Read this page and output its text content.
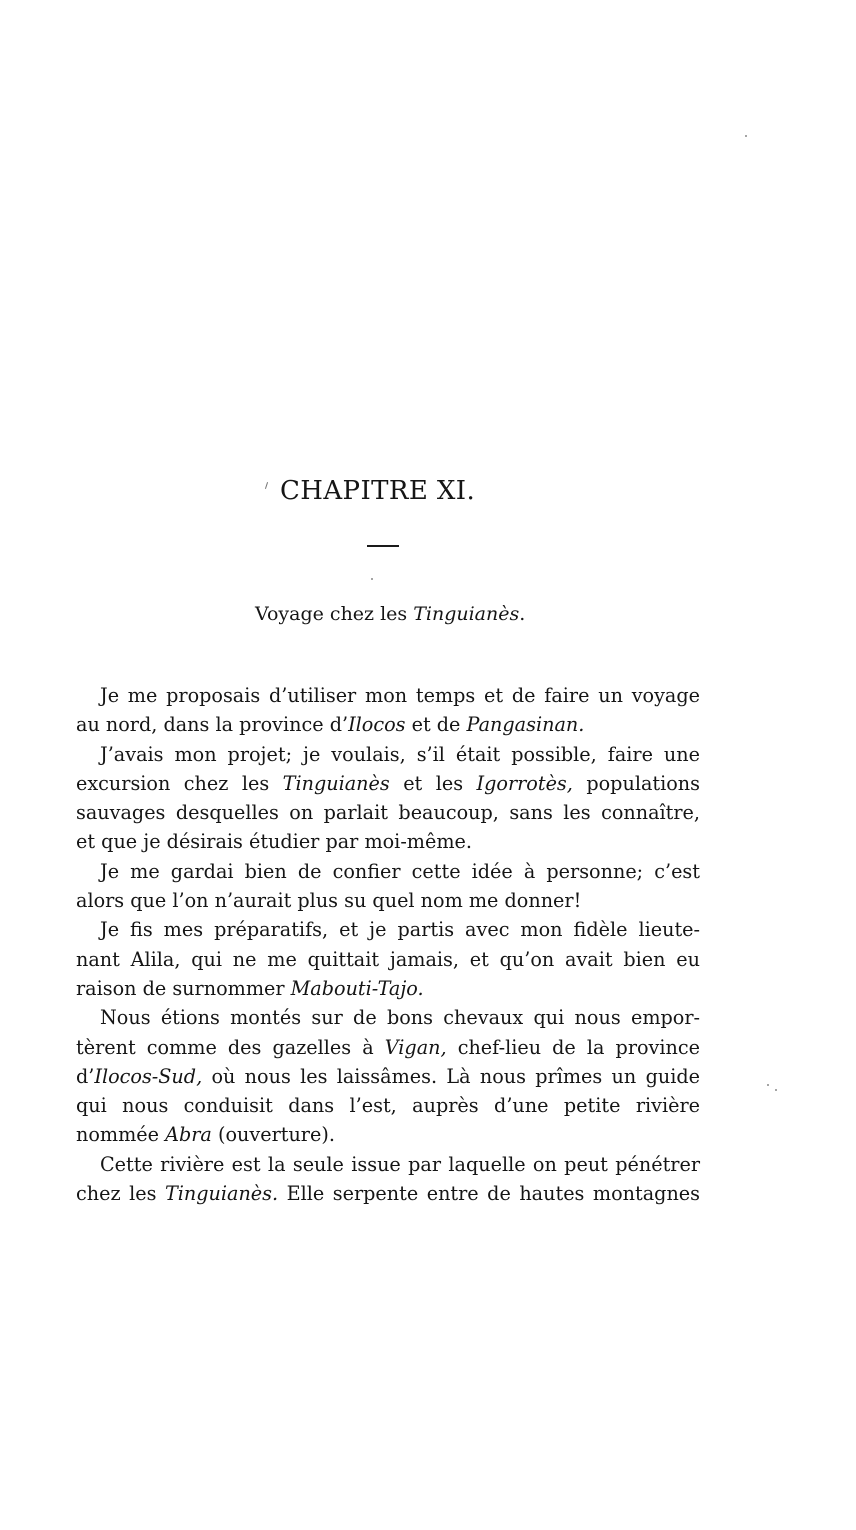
CHAPITRE XI.
Voyage chez les Tinguianès.
Je me proposais d’utiliser mon temps et de faire un voyage
au nord, dans la province d’Ilocos et de Pangasinan.
J’avais mon projet; je voulais, s’il était possible, faire une
excursion chez les Tinguianès et les Igorrotès, populations
sauvages desquelles on parlait beaucoup, sans les connaître,
et que je désirais étudier par moi-même.
Je me gardai bien de confier cette idée à personne; c’est
alors que l’on n’aurait plus su quel nom me donner!
Je fis mes préparatifs, et je partis avec mon fidèle lieute-
nant Alila, qui ne me quittait jamais, et qu’on avait bien eu
raison de surnommer Mabouti-Tajo.
Nous étions montés sur de bons chevaux qui nous empor-
tèrent comme des gazelles à Vigan, chef-lieu de la province
d’Ilocos-Sud, où nous les laissâmes. Là nous prîmes un guide
qui nous conduisit dans l’est, auprès d’une petite rivière
nommée Abra (ouverture).
Cette rivière est la seule issue par laquelle on peut pénétrer
chez les Tinguianès. Elle serpente entre de hautes montagnes
